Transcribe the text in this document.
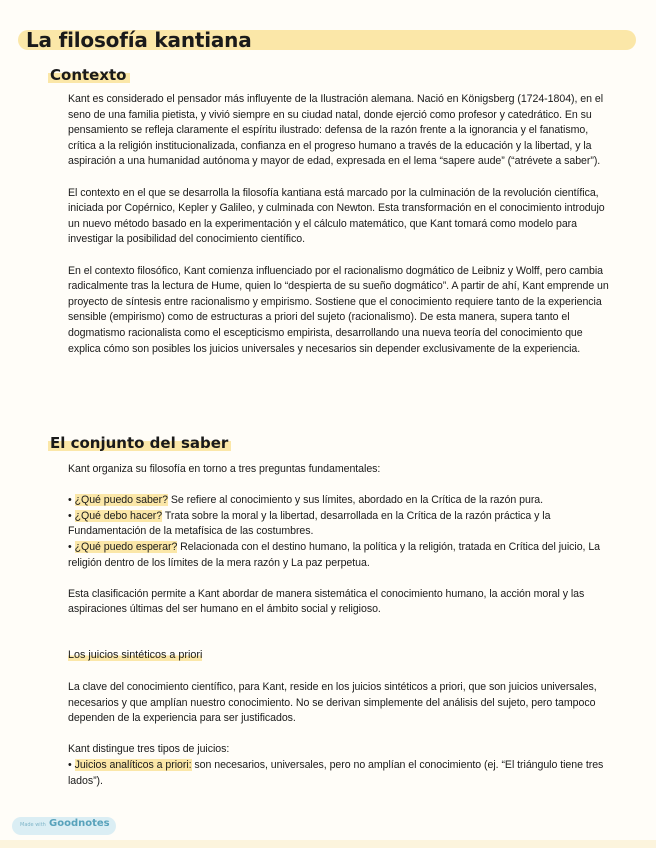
La filosofía kantiana
Contexto

Kant es considerado el pensador más influyente de la Ilustración alemana. Nació en Königsberg (1724-1804), en el seno de una familia pietista, y vivió siempre en su ciudad natal, donde ejerció como profesor y catedrático. En su pensamiento se refleja claramente el espíritu ilustrado: defensa de la razón frente a la ignorancia y el fanatismo, crítica a la religión institucionalizada, confianza en el progreso humano a través de la educación y la libertad, y la aspiración a una humanidad autónoma y mayor de edad, expresada en el lema “sapere aude” (“atrévete a saber”).

El contexto en el que se desarrolla la filosofía kantiana está marcado por la culminación de la revolución científica, iniciada por Copérnico, Kepler y Galileo, y culminada con Newton. Esta transformación en el conocimiento introdujo un nuevo método basado en la experimentación y el cálculo matemático, que Kant tomará como modelo para investigar la posibilidad del conocimiento científico.

En el contexto filosófico, Kant comienza influenciado por el racionalismo dogmático de Leibniz y Wolff, pero cambia radicalmente tras la lectura de Hume, quien lo “despierta de su sueño dogmático”. A partir de ahí, Kant emprende un proyecto de síntesis entre racionalismo y empirismo. Sostiene que el conocimiento requiere tanto de la experiencia sensible (empirismo) como de estructuras a priori del sujeto (racionalismo). De esta manera, supera tanto el dogmatismo racionalista como el escepticismo empirista, desarrollando una nueva teoría del conocimiento que explica cómo son posibles los juicios universales y necesarios sin depender exclusivamente de la experiencia.

El conjunto del saber

Kant organiza su filosofía en torno a tres preguntas fundamentales:

• ¿Qué puedo saber? Se refiere al conocimiento y sus límites, abordado en la Crítica de la razón pura.

• ¿Qué debo hacer? Trata sobre la moral y la libertad, desarrollada en la Crítica de la razón práctica y la Fundamentación de la metafísica de las costumbres.

• ¿Qué puedo esperar? Relacionada con el destino humano, la política y la religión, tratada en Crítica del juicio, La religión dentro de los límites de la mera razón y La paz perpetua.

Esta clasificación permite a Kant abordar de manera sistemática el conocimiento humano, la acción moral y las aspiraciones últimas del ser humano en el ámbito social y religioso.

Los juicios sintéticos a priori

La clave del conocimiento científico, para Kant, reside en los juicios sintéticos a priori, que son juicios universales, necesarios y que amplían nuestro conocimiento. No se derivan simplemente del análisis del sujeto, pero tampoco dependen de la experiencia para ser justificados.

Kant distingue tres tipos de juicios:

• Juicios analíticos a priori: son necesarios, universales, pero no amplían el conocimiento (ej. “El triángulo tiene tres lados”).

Made with Goodnotes
